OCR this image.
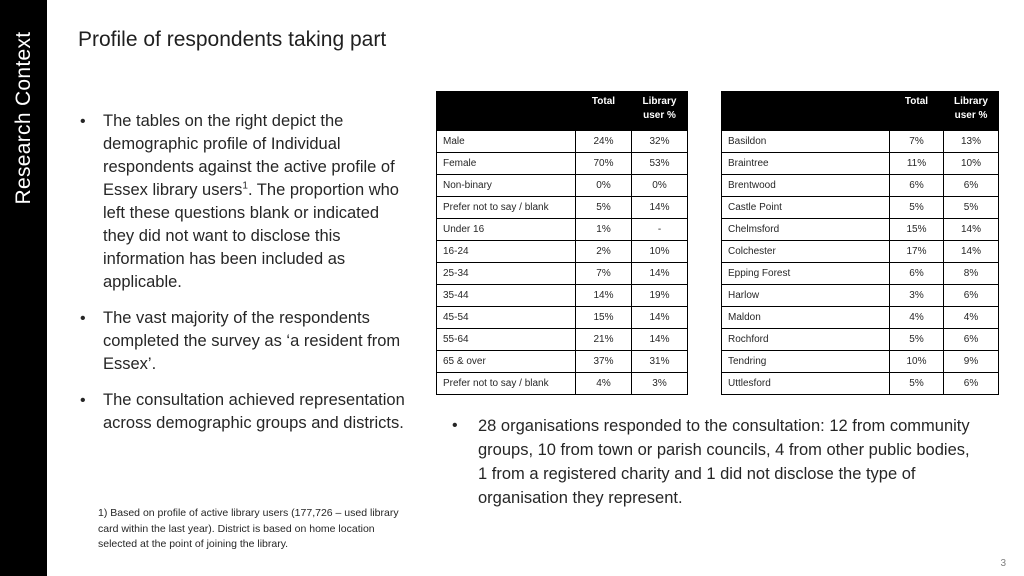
Research Context Profile of respondents taking part
• The tables on the right depict the demographic profile of Individual respondents against the active profile of Essex library users$^1$. The proportion who left these questions blank or indicated they did not want to disclose this information has been included as applicable.
• The vast majority of the respondents completed the survey as ‘a resident from Essex’.
• The consultation achieved representation across demographic groups and districts.
1) Based on profile of active library users (177,726 – used library card within the last year). District is based on home location selected at the point of joining the library.
	Total	Library user %
Male	24%	32%
Female	70%	53%
Non-binary	0%	0%
Prefer not to say / blank	5%	14%
Under 16	1%	-
16-24	2%	10%
25-34	7%	14%
35-44	14%	19%
45-54	15%	14%
55-64	21%	14%
65 & over	37%	31%
Prefer not to say / blank	4%	3%
	Total	Library user %
Basildon	7%	13%
Braintree	11%	10%
Brentwood	6%	6%
Castle Point	5%	5%
Chelmsford	15%	14%
Colchester	17%	14%
Epping Forest	6%	8%
Harlow	3%	6%
Maldon	4%	4%
Rochford	5%	6%
Tendring	10%	9%
Uttlesford	5%	6%
• 28 organisations responded to the consultation: 12 from community groups, 10 from town or parish councils, 4 from other public bodies, 1 from a registered charity and 1 did not disclose the type of organisation they represent.
3
